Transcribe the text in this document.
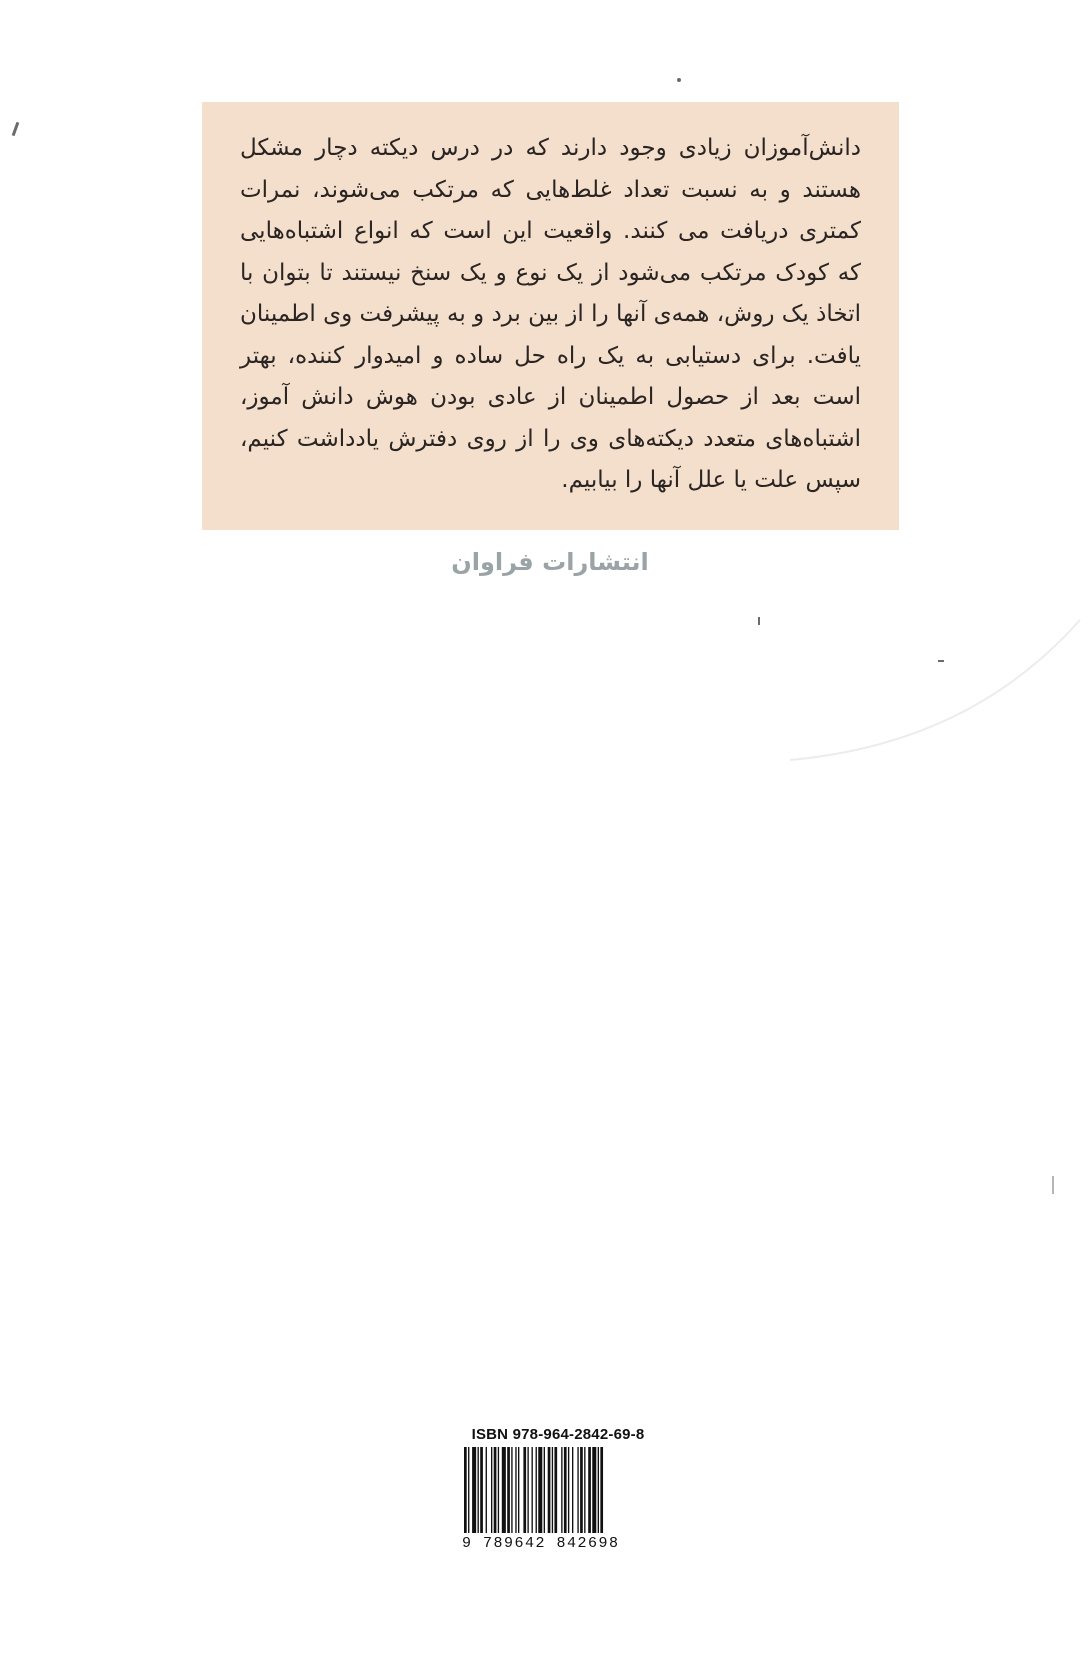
دانش‌آموزان زیادی وجود دارند که در درس دیکته دچار مشکل هستند و به نسبت تعداد غلط‌هایی که مرتکب می‌شوند، نمرات کمتری دریافت می کنند. واقعیت این است که انواع اشتباه‌هایی که کودک مرتکب می‌شود از یک نوع و یک سنخ نیستند تا بتوان با اتخاذ یک روش، همه‌ی آنها را از بین برد و به پیشرفت وی اطمینان یافت. برای دستیابی به یک راه حل ساده و امیدوار کننده، بهتر است بعد از حصول اطمینان از عادی بودن هوش دانش آموز، اشتباه‌های متعدد دیکته‌های وی را از روی دفترش یادداشت کنیم، سپس علت یا علل آنها را بیابیم.

انتشارات فراوان
ISBN 978-964-2842-69-8
9 789642 842698
